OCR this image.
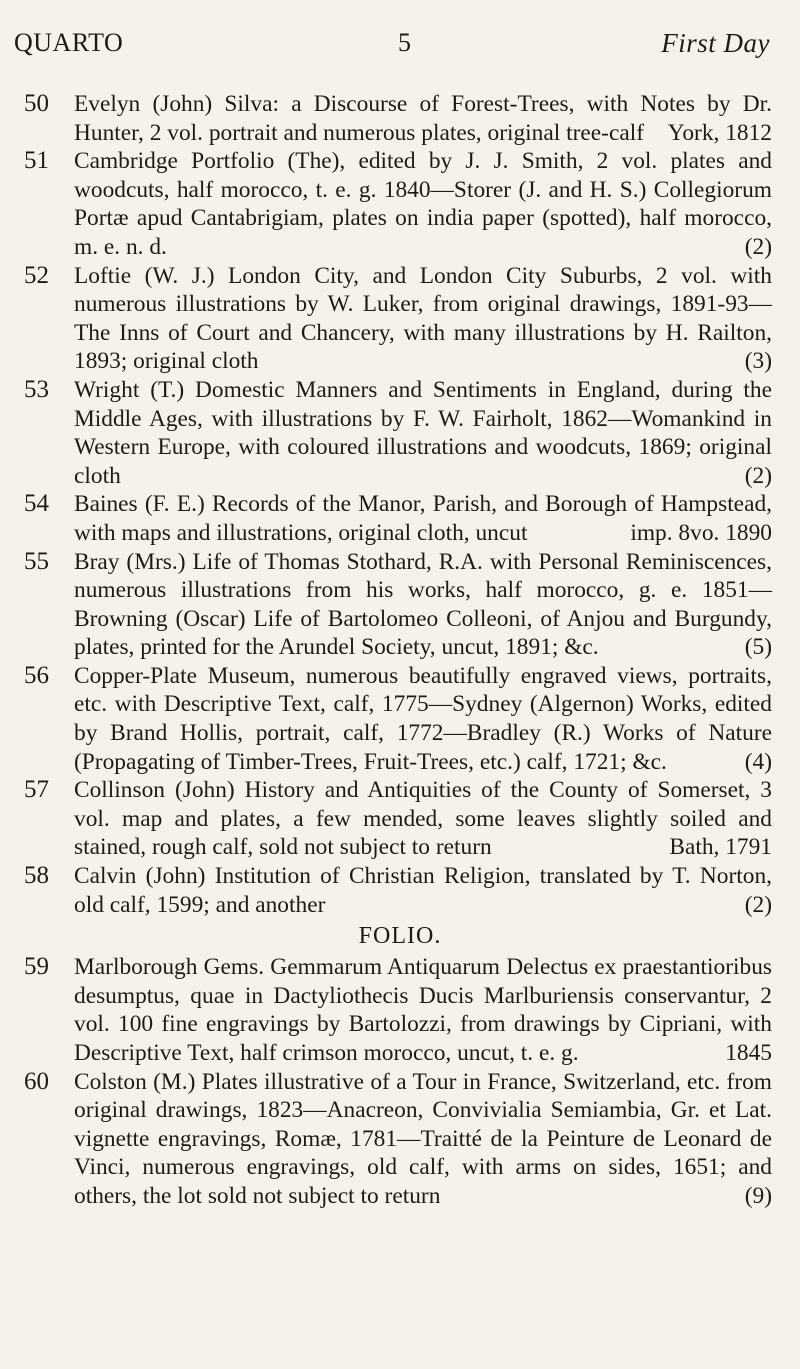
QUARTO	5	First Day
50 Evelyn (John) Silva: a Discourse of Forest-Trees, with Notes by Dr. Hunter, 2 vol. portrait and numerous plates, original tree-calf	York, 1812
51 Cambridge Portfolio (The), edited by J. J. Smith, 2 vol. plates and woodcuts, half morocco, t. e. g. 1840—Storer (J. and H. S.) Collegiorum Portæ apud Cantabrigiam, plates on india paper (spotted), half morocco, m. e. n. d.	(2)
52 Loftie (W. J.) London City, and London City Suburbs, 2 vol. with numerous illustrations by W. Luker, from original drawings, 1891-93—The Inns of Court and Chancery, with many illustrations by H. Railton, 1893; original cloth	(3)
53 Wright (T.) Domestic Manners and Sentiments in England, during the Middle Ages, with illustrations by F. W. Fairholt, 1862—Womankind in Western Europe, with coloured illustrations and woodcuts, 1869; original cloth	(2)
54 Baines (F. E.) Records of the Manor, Parish, and Borough of Hampstead, with maps and illustrations, original cloth, uncut	imp. 8vo. 1890
55 Bray (Mrs.) Life of Thomas Stothard, R.A. with Personal Reminiscences, numerous illustrations from his works, half morocco, g. e. 1851—Browning (Oscar) Life of Bartolomeo Colleoni, of Anjou and Burgundy, plates, printed for the Arundel Society, uncut, 1891; &c.	(5)
56 Copper-Plate Museum, numerous beautifully engraved views, portraits, etc. with Descriptive Text, calf, 1775—Sydney (Algernon) Works, edited by Brand Hollis, portrait, calf, 1772—Bradley (R.) Works of Nature (Propagating of Timber-Trees, Fruit-Trees, etc.) calf, 1721; &c.	(4)
57 Collinson (John) History and Antiquities of the County of Somerset, 3 vol. map and plates, a few mended, some leaves slightly soiled and stained, rough calf, sold not subject to return	Bath, 1791
58 Calvin (John) Institution of Christian Religion, translated by T. Norton, old calf, 1599; and another	(2)
FOLIO.
59 Marlborough Gems. Gemmarum Antiquarum Delectus ex praestantioribus desumptus, quae in Dactyliothecis Ducis Marlburiensis conservantur, 2 vol. 100 fine engravings by Bartolozzi, from drawings by Cipriani, with Descriptive Text, half crimson morocco, uncut, t. e. g.	1845
60 Colston (M.) Plates illustrative of a Tour in France, Switzerland, etc. from original drawings, 1823—Anacreon, Convivialia Semiambia, Gr. et Lat. vignette engravings, Romæ, 1781—Traitté de la Peinture de Leonard de Vinci, numerous engravings, old calf, with arms on sides, 1651; and others, the lot sold not subject to return	(9)
